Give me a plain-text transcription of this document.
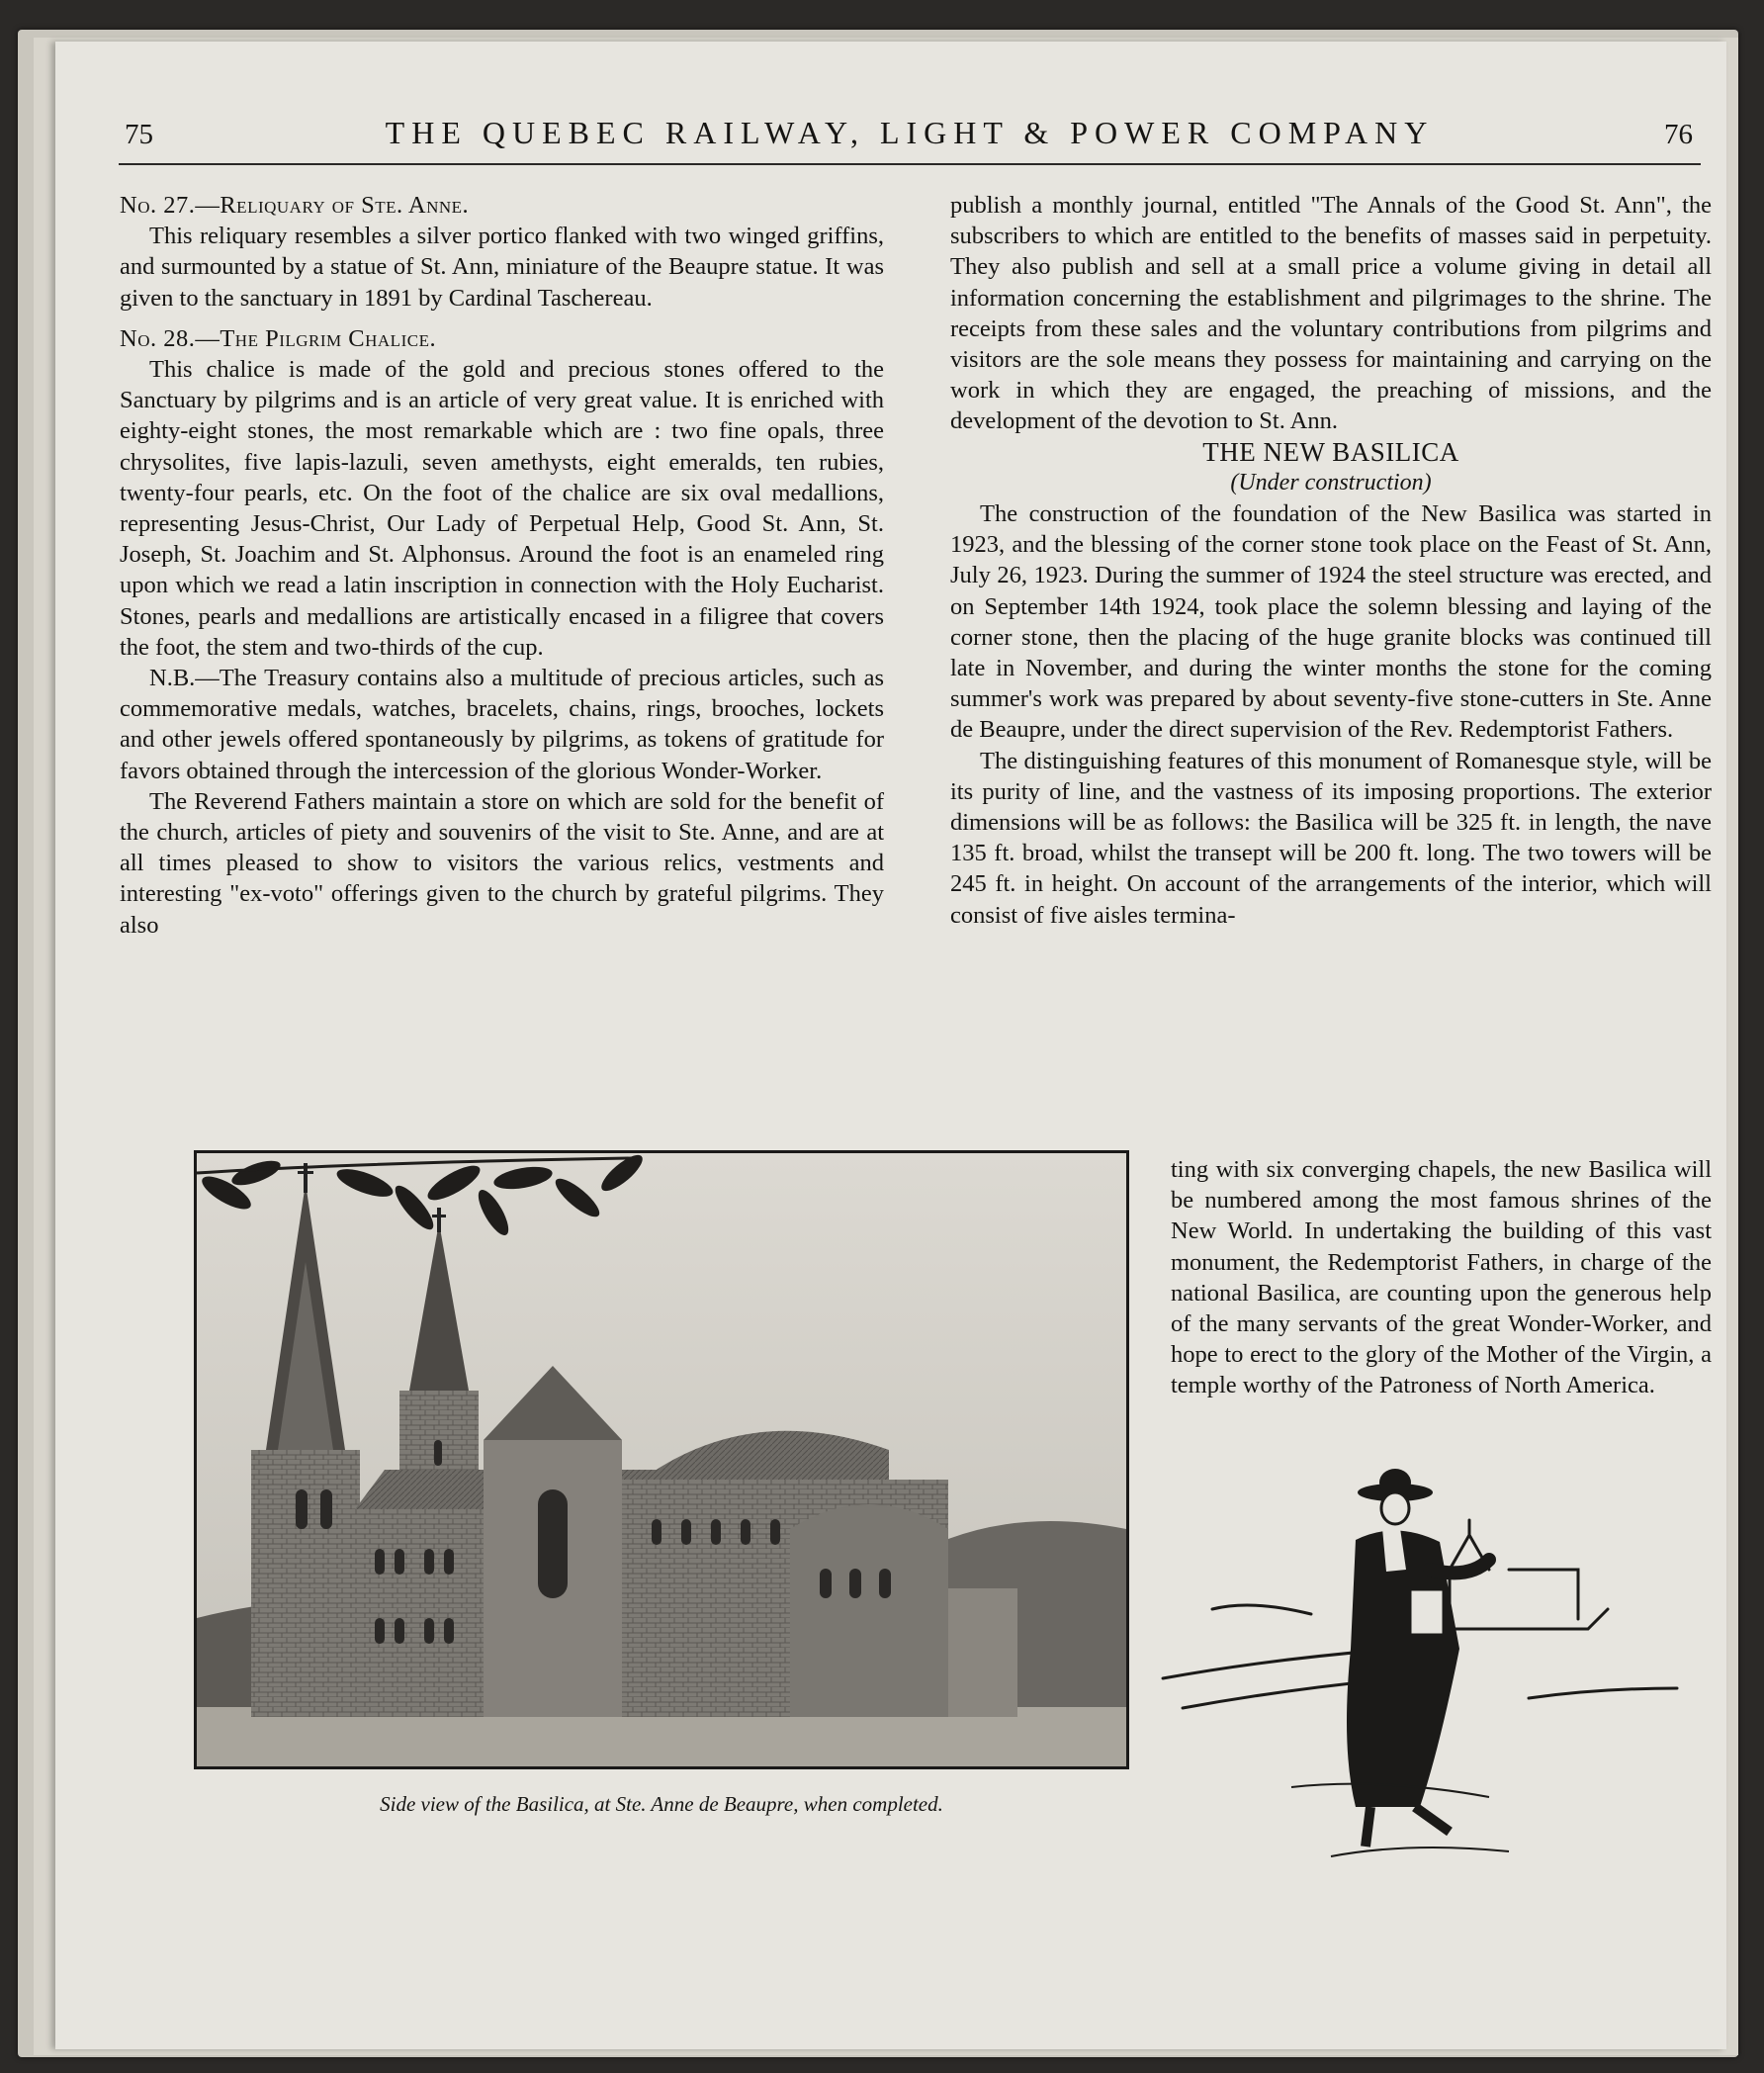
75	THE QUEBEC RAILWAY, LIGHT & POWER COMPANY	76

No. 27.—Reliquary of Ste. Anne.

This reliquary resembles a silver portico flanked with two winged griffins, and surmounted by a statue of St. Ann, miniature of the Beaupre statue. It was given to the sanctuary in 1891 by Cardinal Taschereau.

No. 28.—The Pilgrim Chalice.

This chalice is made of the gold and precious stones offered to the Sanctuary by pilgrims and is an article of very great value. It is enriched with eighty-eight stones, the most remarkable which are : two fine opals, three chrysolites, five lapis-lazuli, seven amethysts, eight emeralds, ten rubies, twenty-four pearls, etc. On the foot of the chalice are six oval medallions, representing Jesus-Christ, Our Lady of Perpetual Help, Good St. Ann, St. Joseph, St. Joachim and St. Alphonsus. Around the foot is an enameled ring upon which we read a latin inscription in connection with the Holy Eucharist. Stones, pearls and medallions are artistically encased in a filigree that covers the foot, the stem and two-thirds of the cup.

N.B.—The Treasury contains also a multitude of precious articles, such as commemorative medals, watches, bracelets, chains, rings, brooches, lockets and other jewels offered spontaneously by pilgrims, as tokens of gratitude for favors obtained through the intercession of the glorious Wonder-Worker.

The Reverend Fathers maintain a store on which are sold for the benefit of the church, articles of piety and souvenirs of the visit to Ste. Anne, and are at all times pleased to show to visitors the various relics, vestments and interesting "ex-voto" offerings given to the church by grateful pilgrims. They also

publish a monthly journal, entitled "The Annals of the Good St. Ann", the subscribers to which are entitled to the benefits of masses said in perpetuity. They also publish and sell at a small price a volume giving in detail all information concerning the establishment and pilgrimages to the shrine. The receipts from these sales and the voluntary contributions from pilgrims and visitors are the sole means they possess for maintaining and carrying on the work in which they are engaged, the preaching of missions, and the development of the devotion to St. Ann.

THE NEW BASILICA

(Under construction)

The construction of the foundation of the New Basilica was started in 1923, and the blessing of the corner stone took place on the Feast of St. Ann, July 26, 1923. During the summer of 1924 the steel structure was erected, and on September 14th 1924, took place the solemn blessing and laying of the corner stone, then the placing of the huge granite blocks was continued till late in November, and during the winter months the stone for the coming summer's work was prepared by about seventy-five stone-cutters in Ste. Anne de Beaupre, under the direct supervision of the Rev. Redemptorist Fathers.

The distinguishing features of this monument of Romanesque style, will be its purity of line, and the vastness of its imposing proportions. The exterior dimensions will be as follows: the Basilica will be 325 ft. in length, the nave 135 ft. broad, whilst the transept will be 200 ft. long. The two towers will be 245 ft. in height. On account of the arrangements of the interior, which will consist of five aisles termina-

ting with six converging chapels, the new Basilica will be numbered among the most famous shrines of the New World. In undertaking the building of this vast monument, the Redemptorist Fathers, in charge of the national Basilica, are counting upon the generous help of the many servants of the great Wonder-Worker, and hope to erect to the glory of the Mother of the Virgin, a temple worthy of the Patroness of North America.

Side view of the Basilica, at Ste. Anne de Beaupre, when completed.
